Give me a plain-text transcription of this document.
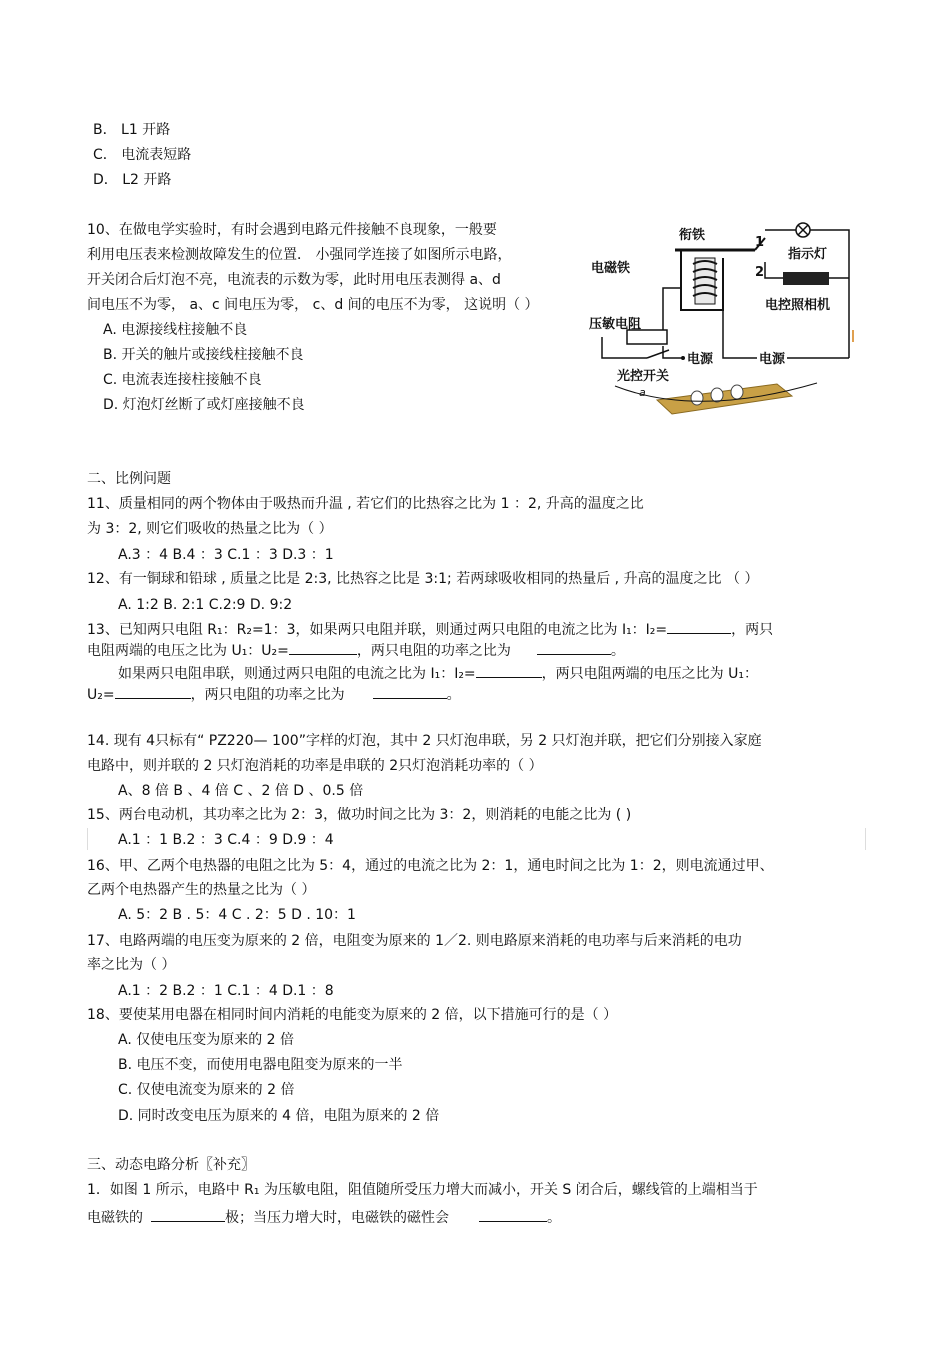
B． L1 开路
C． 电流表短路
D． L2 开路
10、在做电学实验时，有时会遇到电路元件接触不良现象，一般要
利用电压表来检测故障发生的位置． 小强同学连接了如图所示电路，
开关闭合后灯泡不亮，电流表的示数为零，此时用电压表测得 a、d
间电压不为零， a、c 间电压为零， c、d 间的电压不为零， 这说明（ ）
A. 电源接线柱接触不良
B. 开关的触片或接线柱接触不良
C. 电流表连接柱接触不良
D. 灯泡灯丝断了或灯座接触不良
衔铁	1
指示灯
电磁铁	2
电控照相机
压敏电阻
电源	电源
光控开关
a
二、比例问题
11、质量相同的两个物体由于吸热而升温 , 若它们的比热容之比为 1 ：2, 升高的温度之比
为 3：2, 则它们吸收的热量之比为（ ）
A.3 ：4 B.4 ：3 C.1 ：3 D.3 ：1
12、有一铜球和铅球 , 质量之比是 2:3, 比热容之比是 3:1; 若两球吸收相同的热量后 , 升高的温度之比 （ ）
A. 1:2 B. 2:1 C.2:9 D. 9:2
13、已知两只电阻 R₁：R₂=1：3，如果两只电阻并联，则通过两只电阻的电流之比为 I₁：I₂=	，两只
电阻两端的电压之比为 U₁：U₂=	，两只电阻的功率之比为	。
如果两只电阻串联，则通过两只电阻的电流之比为 I₁：I₂=	，两只电阻两端的电压之比为 U₁：
U₂=	，两只电阻的功率之比为	。
14. 现有 4只标有“ PZ220— 100”字样的灯泡，其中 2 只灯泡串联，另 2 只灯泡并联，把它们分别接入家庭
电路中，则并联的 2 只灯泡消耗的功率是串联的 2只灯泡消耗功率的（ ）
A、8 倍 B 、4 倍 C 、2 倍 D 、0.5 倍
15、两台电动机，其功率之比为 2：3，做功时间之比为 3：2，则消耗的电能之比为 ( )
A.1 ：1 B.2 ：3 C.4 ：9 D.9 ：4
16、甲、乙两个电热器的电阻之比为 5：4，通过的电流之比为 2：1，通电时间之比为 1：2，则电流通过甲、
乙两个电热器产生的热量之比为（ ）
A. 5：2 B . 5：4 C . 2：5 D . 10：1
17、电路两端的电压变为原来的 2 倍，电阻变为原来的 1／2. 则电路原来消耗的电功率与后来消耗的电功
率之比为（ ）
A.1 ：2 B.2 ：1 C.1 ：4 D.1 ：8
18、要使某用电器在相同时间内消耗的电能变为原来的 2 倍，以下措施可行的是（ ）
A. 仅使电压变为原来的 2 倍
B. 电压不变，而使用电器电阻变为原来的一半
C. 仅使电流变为原来的 2 倍
D. 同时改变电压为原来的 4 倍，电阻为原来的 2 倍
三、动态电路分析〖补充〗
1．如图 1 所示，电路中 R₁ 为压敏电阻，阻值随所受压力增大而减小，开关 S 闭合后，螺线管的上端相当于
电磁铁的	极；当压力增大时，电磁铁的磁性会	。
